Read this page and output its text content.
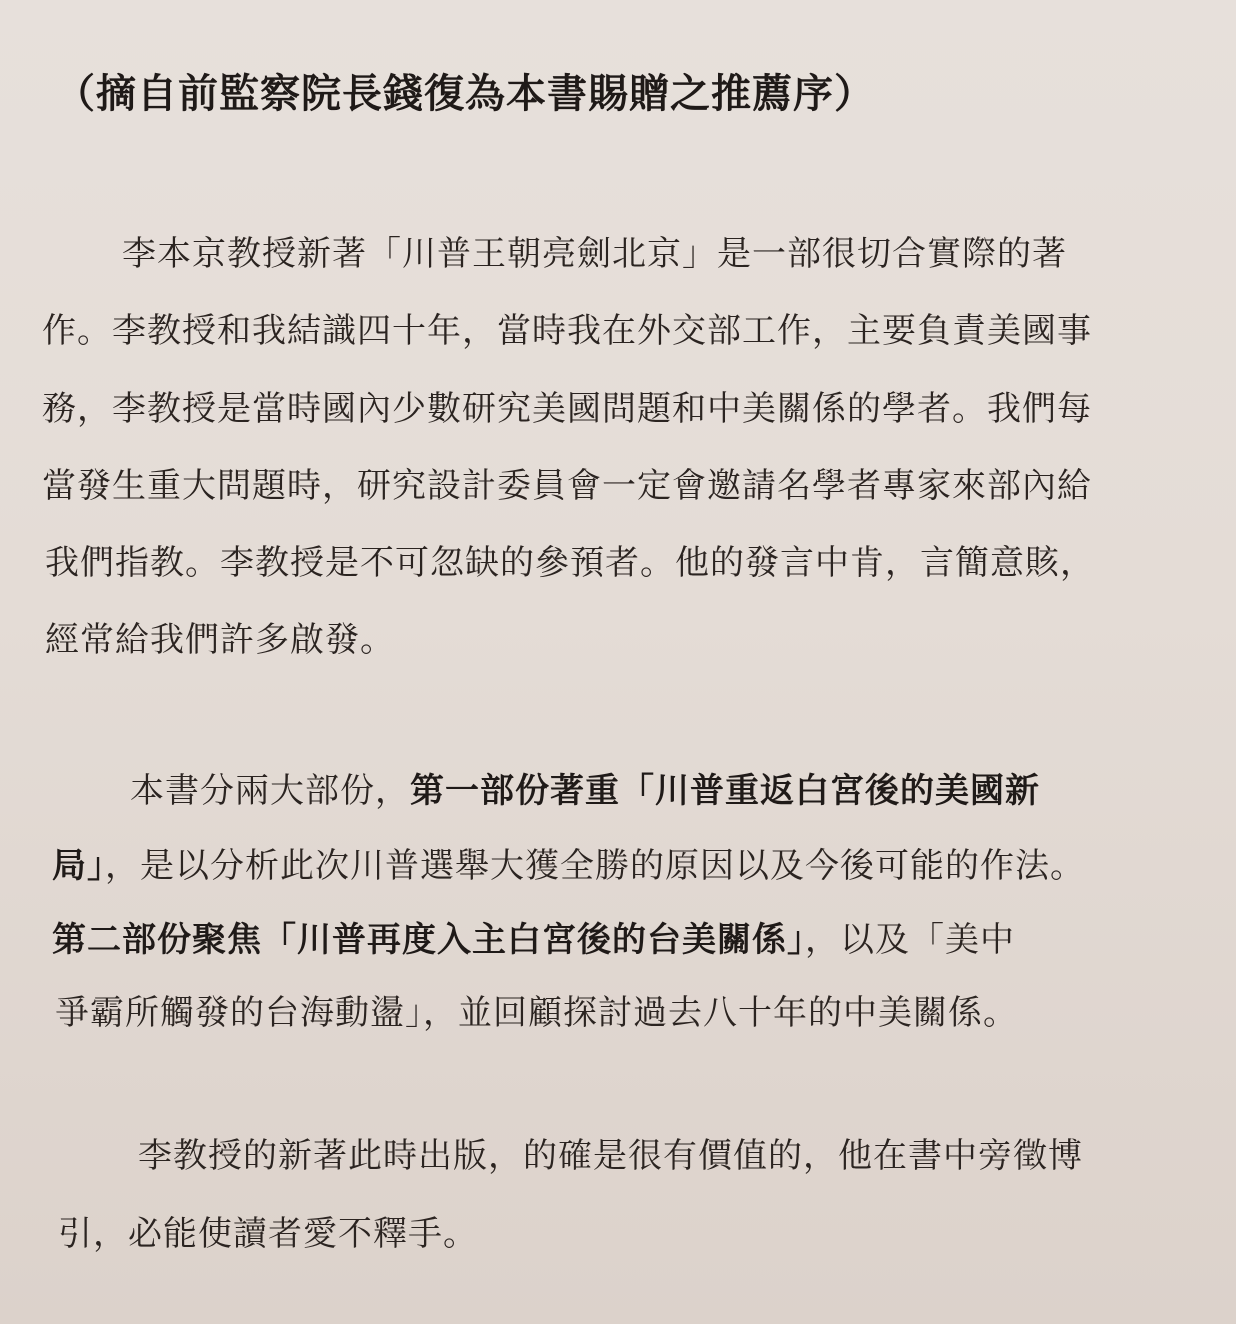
（摘自前監察院長錢復為本書賜贈之推薦序）
李本京教授新著「川普王朝亮劍北京」是一部很切合實際的著
作。李教授和我結識四十年，當時我在外交部工作，主要負責美國事
務，李教授是當時國內少數研究美國問題和中美關係的學者。我們每
當發生重大問題時，研究設計委員會一定會邀請名學者專家來部內給
我們指教。李教授是不可忽缺的參預者。他的發言中肯，言簡意賅，
經常給我們許多啟發。
本書分兩大部份，第一部份著重「川普重返白宮後的美國新
局」，是以分析此次川普選舉大獲全勝的原因以及今後可能的作法。
第二部份聚焦「川普再度入主白宮後的台美關係」，以及「美中
爭霸所觸發的台海動盪」，並回顧探討過去八十年的中美關係。
李教授的新著此時出版，的確是很有價值的，他在書中旁徵博
引，必能使讀者愛不釋手。
